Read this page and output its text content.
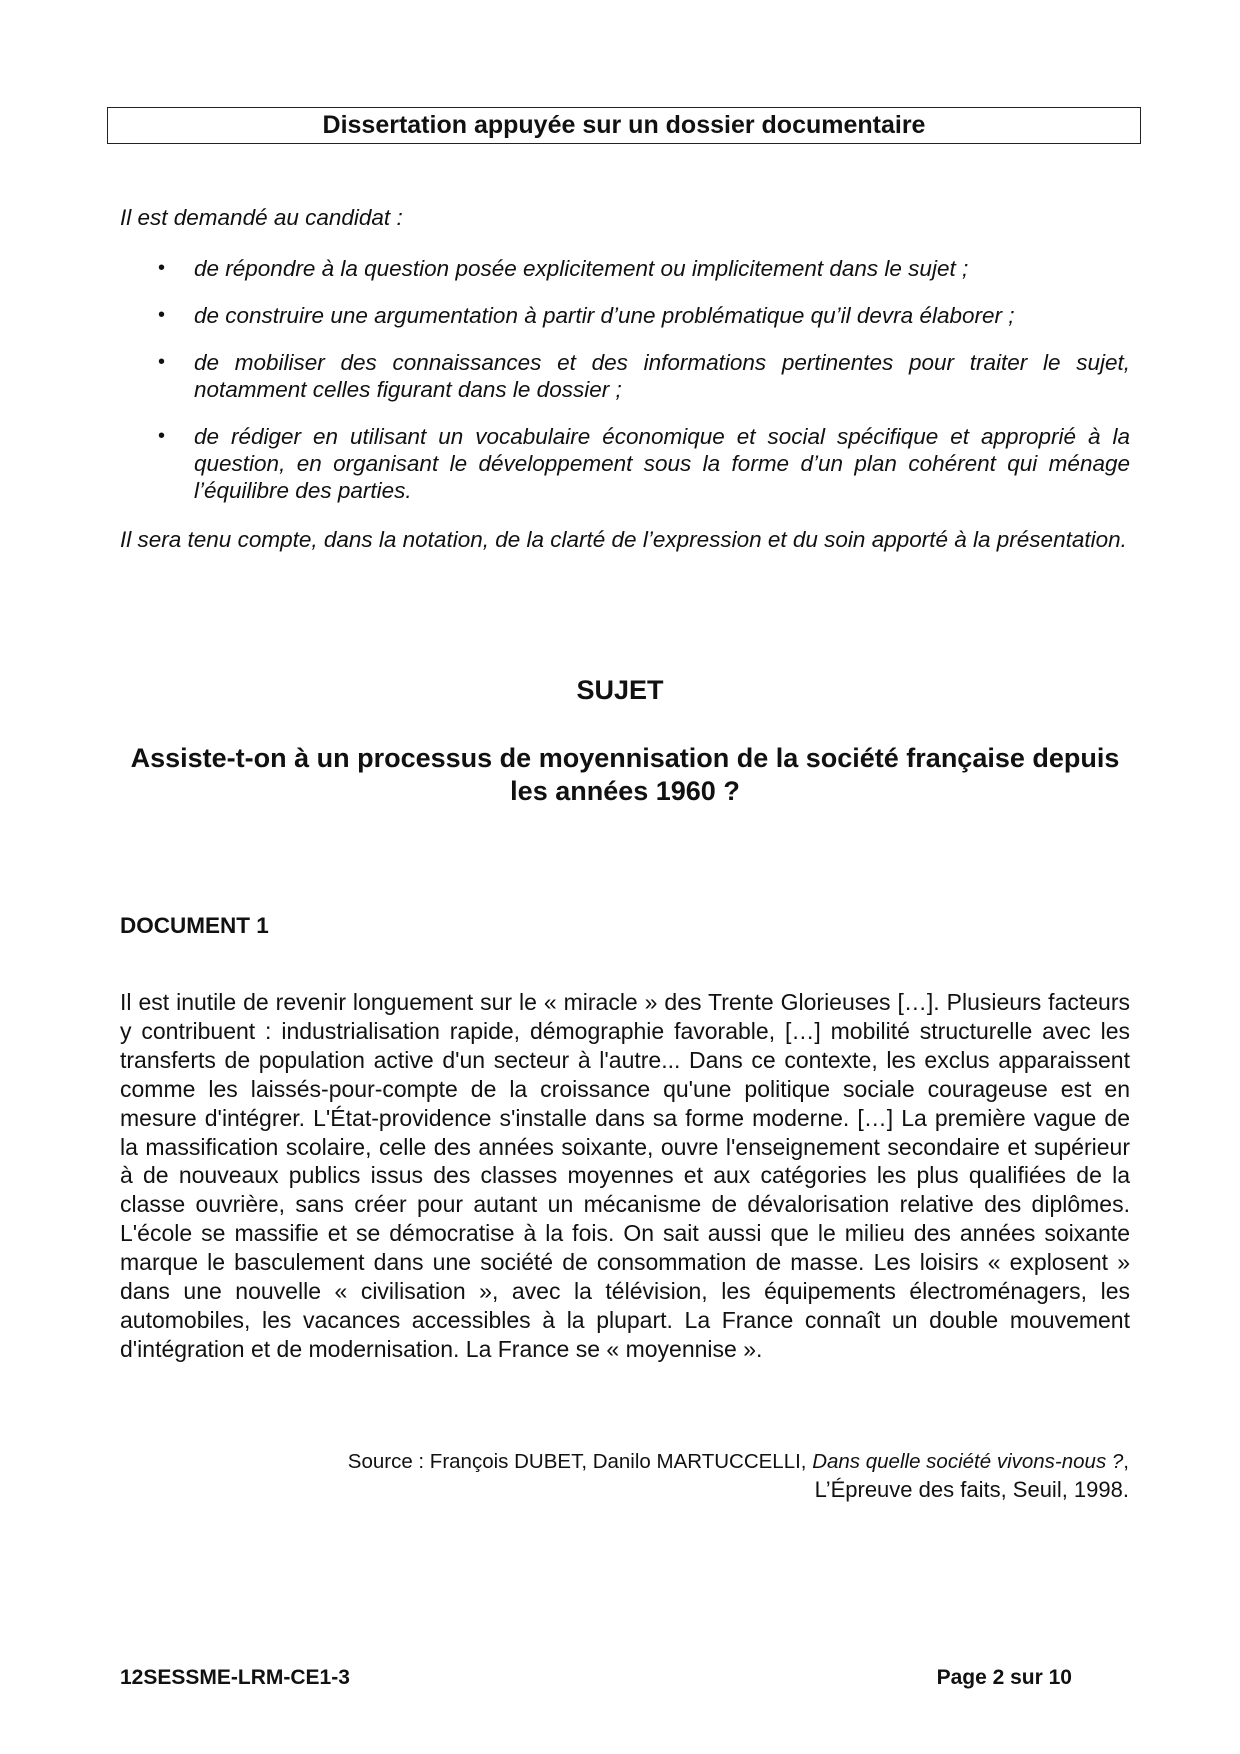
Dissertation appuyée sur un dossier documentaire

Il est demandé au candidat :

• de répondre à la question posée explicitement ou implicitement dans le sujet ;
• de construire une argumentation à partir d’une problématique qu’il devra élaborer ;
• de mobiliser des connaissances et des informations pertinentes pour traiter le sujet, notamment celles figurant dans le dossier ;
• de rédiger en utilisant un vocabulaire économique et social spécifique et approprié à la question, en organisant le développement sous la forme d’un plan cohérent qui ménage l’équilibre des parties.

Il sera tenu compte, dans la notation, de la clarté de l’expression et du soin apporté à la présentation.

SUJET
Assiste-t-on à un processus de moyennisation de la société française depuis les années 1960 ?
DOCUMENT 1

Il est inutile de revenir longuement sur le « miracle » des Trente Glorieuses […]. Plusieurs facteurs y contribuent : industrialisation rapide, démographie favorable, […] mobilité structurelle avec les transferts de population active d'un secteur à l'autre... Dans ce contexte, les exclus apparaissent comme les laissés-pour-compte de la croissance qu'une politique sociale courageuse est en mesure d'intégrer. L'État-providence s'installe dans sa forme moderne. […] La première vague de la massification scolaire, celle des années soixante, ouvre l'enseignement secondaire et supérieur à de nouveaux publics issus des classes moyennes et aux catégories les plus qualifiées de la classe ouvrière, sans créer pour autant un mécanisme de dévalorisation relative des diplômes. L'école se massifie et se démocratise à la fois. On sait aussi que le milieu des années soixante marque le basculement dans une société de consommation de masse. Les loisirs « explosent » dans une nouvelle « civilisation », avec la télévision, les équipements électroménagers, les automobiles, les vacances accessibles à la plupart. La France connaît un double mouvement d'intégration et de modernisation. La France se « moyennise ».

Source : François DUBET, Danilo MARTUCCELLI, Dans quelle société vivons-nous ?,
L’Épreuve des faits, Seuil, 1998.
12SESSME-LRM-CE1-3	Page 2 sur 10
